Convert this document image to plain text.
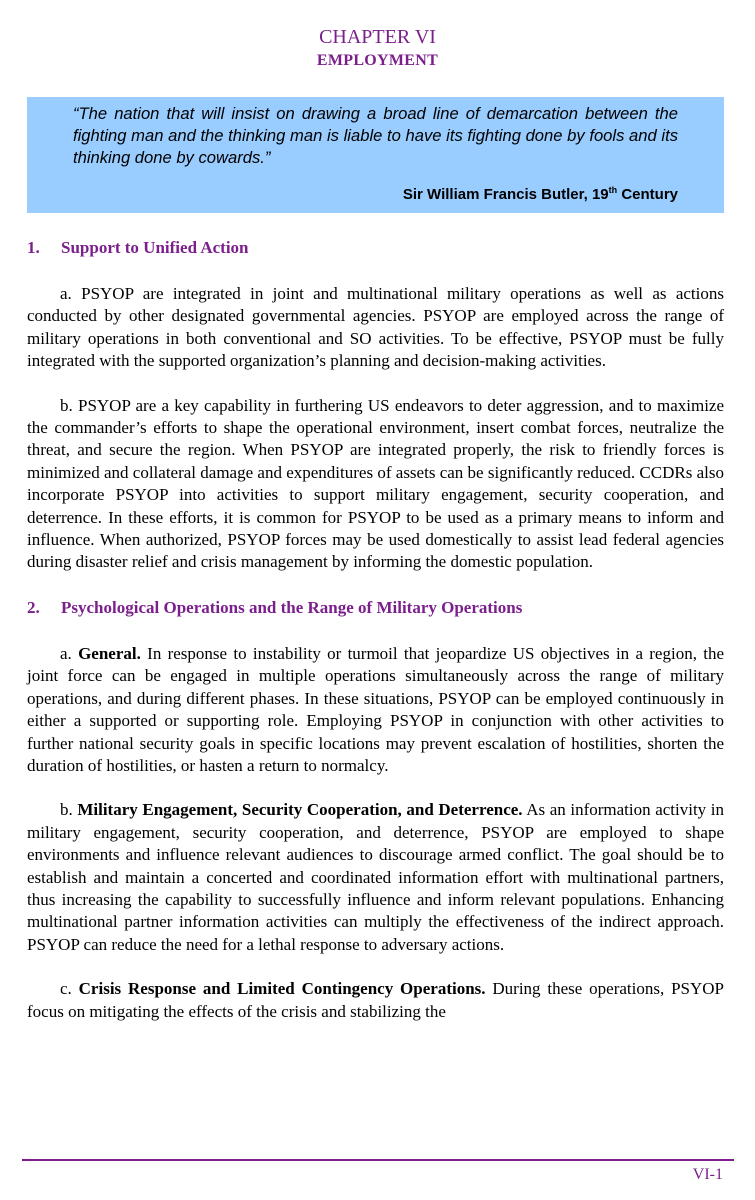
CHAPTER VI
EMPLOYMENT

“The nation that will insist on drawing a broad line of demarcation between the fighting man and the thinking man is liable to have its fighting done by fools and its thinking done by cowards.”

Sir William Francis Butler, 19th Century
1. Support to Unified Action

a. PSYOP are integrated in joint and multinational military operations as well as actions conducted by other designated governmental agencies. PSYOP are employed across the range of military operations in both conventional and SO activities. To be effective, PSYOP must be fully integrated with the supported organization’s planning and decision-making activities.

b. PSYOP are a key capability in furthering US endeavors to deter aggression, and to maximize the commander’s efforts to shape the operational environment, insert combat forces, neutralize the threat, and secure the region. When PSYOP are integrated properly, the risk to friendly forces is minimized and collateral damage and expenditures of assets can be significantly reduced. CCDRs also incorporate PSYOP into activities to support military engagement, security cooperation, and deterrence. In these efforts, it is common for PSYOP to be used as a primary means to inform and influence. When authorized, PSYOP forces may be used domestically to assist lead federal agencies during disaster relief and crisis management by informing the domestic population.

2. Psychological Operations and the Range of Military Operations

a. General. In response to instability or turmoil that jeopardize US objectives in a region, the joint force can be engaged in multiple operations simultaneously across the range of military operations, and during different phases. In these situations, PSYOP can be employed continuously in either a supported or supporting role. Employing PSYOP in conjunction with other activities to further national security goals in specific locations may prevent escalation of hostilities, shorten the duration of hostilities, or hasten a return to normalcy.

b. Military Engagement, Security Cooperation, and Deterrence. As an information activity in military engagement, security cooperation, and deterrence, PSYOP are employed to shape environments and influence relevant audiences to discourage armed conflict. The goal should be to establish and maintain a concerted and coordinated information effort with multinational partners, thus increasing the capability to successfully influence and inform relevant populations. Enhancing multinational partner information activities can multiply the effectiveness of the indirect approach. PSYOP can reduce the need for a lethal response to adversary actions.

c. Crisis Response and Limited Contingency Operations. During these operations, PSYOP focus on mitigating the effects of the crisis and stabilizing the

VI-1
